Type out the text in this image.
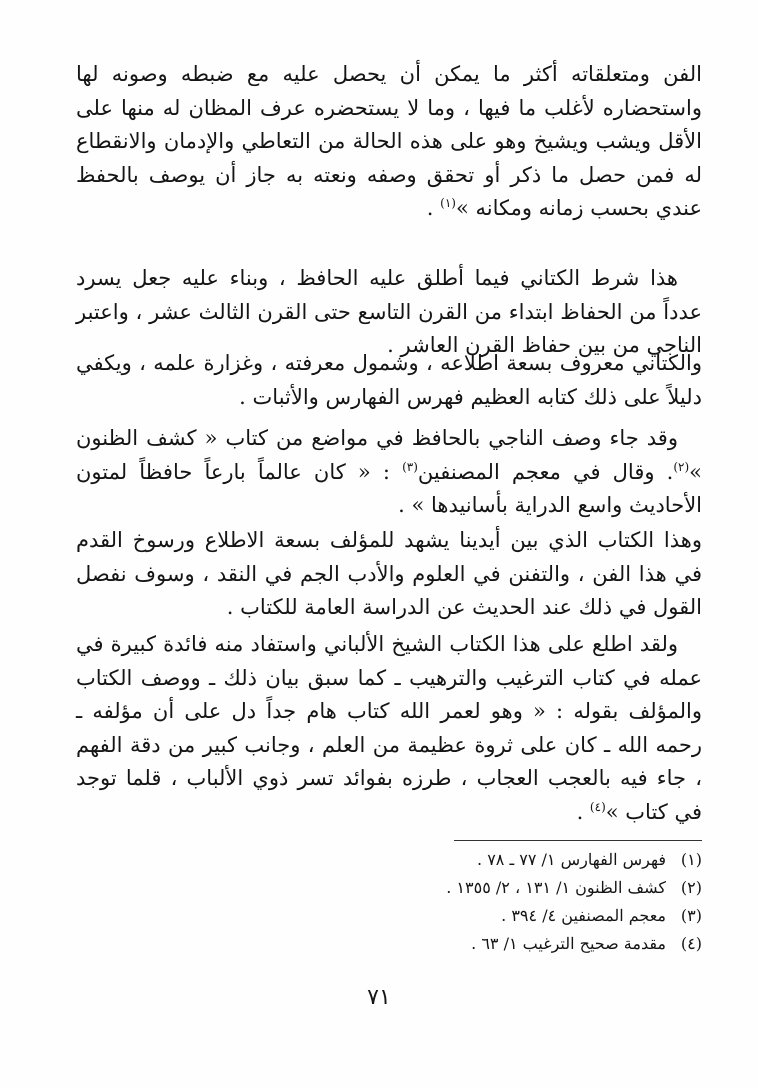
الفن ومتعلقاته أكثر ما يمكن أن يحصل عليه مع ضبطه وصونه لها واستحضاره لأغلب ما فيها ، وما لا يستحضره عرف المظان له منها على الأقل ويشب ويشيخ وهو على هذه الحالة من التعاطي والإدمان والانقطاع له فمن حصل ما ذكر أو تحقق وصفه ونعته به جاز أن يوصف بالحفظ عندي بحسب زمانه ومكانه »$^{(١)}$ .

هذا شرط الكتاني فيما أطلق عليه الحافظ ، وبناء عليه جعل يسرد عدداً من الحفاظ ابتداء من القرن التاسع حتى القرن الثالث عشر ، واعتبر الناجي من بين حفاظ القرن العاشر .

والكتاني معروف بسعة اطلاعه ، وشمول معرفته ، وغزارة علمه ، ويكفي دليلاً على ذلك كتابه العظيم فهرس الفهارس والأثبات .

وقد جاء وصف الناجي بالحافظ في مواضع من كتاب « كشف الظنون »$^{(٢)}$. وقال في معجم المصنفين$^{(٣)}$ : « كان عالماً بارعاً حافظاً لمتون الأحاديث واسع الدراية بأسانيدها » .

وهذا الكتاب الذي بين أيدينا يشهد للمؤلف بسعة الاطلاع ورسوخ القدم في هذا الفن ، والتفنن في العلوم والأدب الجم في النقد ، وسوف نفصل القول في ذلك عند الحديث عن الدراسة العامة للكتاب .

ولقد اطلع على هذا الكتاب الشيخ الألباني واستفاد منه فائدة كبيرة في عمله في كتاب الترغيب والترهيب ـ كما سبق بيان ذلك ـ ووصف الكتاب والمؤلف بقوله : « وهو لعمر الله كتاب هام جداً دل على أن مؤلفه ـ رحمه الله ـ كان على ثروة عظيمة من العلم ، وجانب كبير من دقة الفهم ، جاء فيه بالعجب العجاب ، طرزه بفوائد تسر ذوي الألباب ، قلما توجد في كتاب »$^{(٤)}$ .

(١)فهرس الفهارس ١/ ٧٧ ـ ٧٨ .
(٢)كشف الظنون ١/ ١٣١ ، ٢/ ١٣٥٥ .
(٣)معجم المصنفين ٤/ ٣٩٤ .
(٤)مقدمة صحيح الترغيب ١/ ٦٣ .
٧١
